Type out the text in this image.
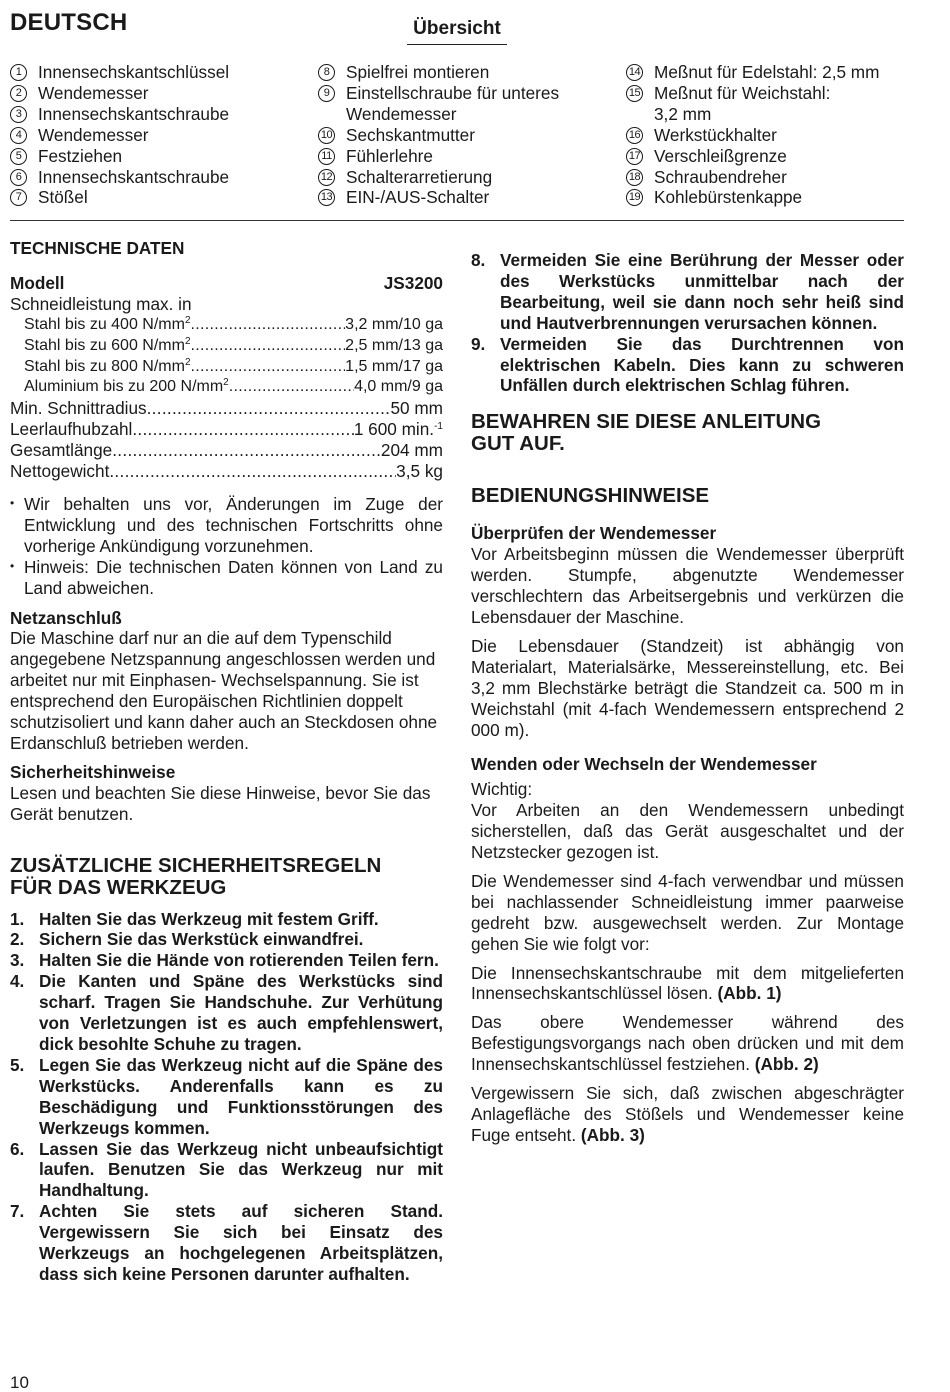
DEUTSCH	Übersicht
1 Innensechskantschlüssel
2 Wendemesser
3 Innensechskantschraube
4 Wendemesser
5 Festziehen
6 Innensechskantschraube
7 Stößel
8 Spielfrei montieren
9 Einstellschraube für unteres Wendemesser
10 Sechskantmutter
11 Fühlerlehre
12 Schalterarretierung
13 EIN-/AUS-Schalter
14 Meßnut für Edelstahl: 2,5 mm
15 Meßnut für Weichstahl: 3,2 mm
16 Werkstückhalter
17 Verschleißgrenze
18 Schraubendreher
19 Kohlebürstenkappe
TECHNISCHE DATEN
Modell	JS3200
Schneidleistung max. in
Stahl bis zu 400 $N/mm^2$ .....	3,2 mm/10 ga
Stahl bis zu 600 $N/mm^2$ .....	2,5 mm/13 ga
Stahl bis zu 800 $N/mm^2$ .....	1,5 mm/17 ga
Aluminium bis zu 200 $N/mm^2$ .....	4,0 mm/9 ga
Min. Schnittradius .....	50 mm
Leerlaufhubzahl .....	1 600 min.$^{-1}$
Gesamtlänge .....	204 mm
Nettogewicht .....	3,5 kg
• Wir behalten uns vor, Änderungen im Zuge der Entwicklung und des technischen Fortschritts ohne vorherige Ankündigung vorzunehmen.
• Hinweis: Die technischen Daten können von Land zu Land abweichen.
Netzanschluß
Die Maschine darf nur an die auf dem Typenschild angegebene Netzspannung angeschlossen werden und arbeitet nur mit Einphasen- Wechselspannung. Sie ist entsprechend den Europäischen Richtlinien doppelt schutzisoliert und kann daher auch an Steckdosen ohne Erdanschluß betrieben werden.
Sicherheitshinweise
Lesen und beachten Sie diese Hinweise, bevor Sie das Gerät benutzen.
ZUSÄTZLICHE SICHERHEITSREGELN
FÜR DAS WERKZEUG
1. Halten Sie das Werkzeug mit festem Griff.
2. Sichern Sie das Werkstück einwandfrei.
3. Halten Sie die Hände von rotierenden Teilen fern.
4. Die Kanten und Späne des Werkstücks sind scharf. Tragen Sie Handschuhe. Zur Verhütung von Verletzungen ist es auch empfehlenswert, dick besohlte Schuhe zu tragen.
5. Legen Sie das Werkzeug nicht auf die Späne des Werkstücks. Anderenfalls kann es zu Beschädigung und Funktionsstörungen des Werkzeugs kommen.
6. Lassen Sie das Werkzeug nicht unbeaufsichtigt laufen. Benutzen Sie das Werkzeug nur mit Handhaltung.
7. Achten Sie stets auf sicheren Stand. Vergewissern Sie sich bei Einsatz des Werkzeugs an hochgelegenen Arbeitsplätzen, dass sich keine Personen darunter aufhalten.
8. Vermeiden Sie eine Berührung der Messer oder des Werkstücks unmittelbar nach der Bearbeitung, weil sie dann noch sehr heiß sind und Hautverbrennungen verursachen können.
9. Vermeiden Sie das Durchtrennen von elektrischen Kabeln. Dies kann zu schweren Unfällen durch elektrischen Schlag führen.
BEWAHREN SIE DIESE ANLEITUNG
GUT AUF.
BEDIENUNGSHINWEISE
Überprüfen der Wendemesser
Vor Arbeitsbeginn müssen die Wendemesser überprüft werden. Stumpfe, abgenutzte Wendemesser verschlechtern das Arbeitsergebnis und verkürzen die Lebensdauer der Maschine.
Die Lebensdauer (Standzeit) ist abhängig von Materialart, Materialsärke, Messereinstellung, etc. Bei 3,2 mm Blechstärke beträgt die Standzeit ca. 500 m in Weichstahl (mit 4-fach Wendemessern entsprechend 2 000 m).
Wenden oder Wechseln der Wendemesser
Wichtig:
Vor Arbeiten an den Wendemessern unbedingt sicherstellen, daß das Gerät ausgeschaltet und der Netzstecker gezogen ist.
Die Wendemesser sind 4-fach verwendbar und müssen bei nachlassender Schneidleistung immer paarweise gedreht bzw. ausgewechselt werden. Zur Montage gehen Sie wie folgt vor:
Die Innensechskantschraube mit dem mitgelieferten Innensechskantschlüssel lösen. (Abb. 1)
Das obere Wendemesser während des Befestigungsvorgangs nach oben drücken und mit dem Innensechskantschlüssel festziehen. (Abb. 2)
Vergewissern Sie sich, daß zwischen abgeschrägter Anlagefläche des Stößels und Wendemesser keine Fuge entseht. (Abb. 3)
10
